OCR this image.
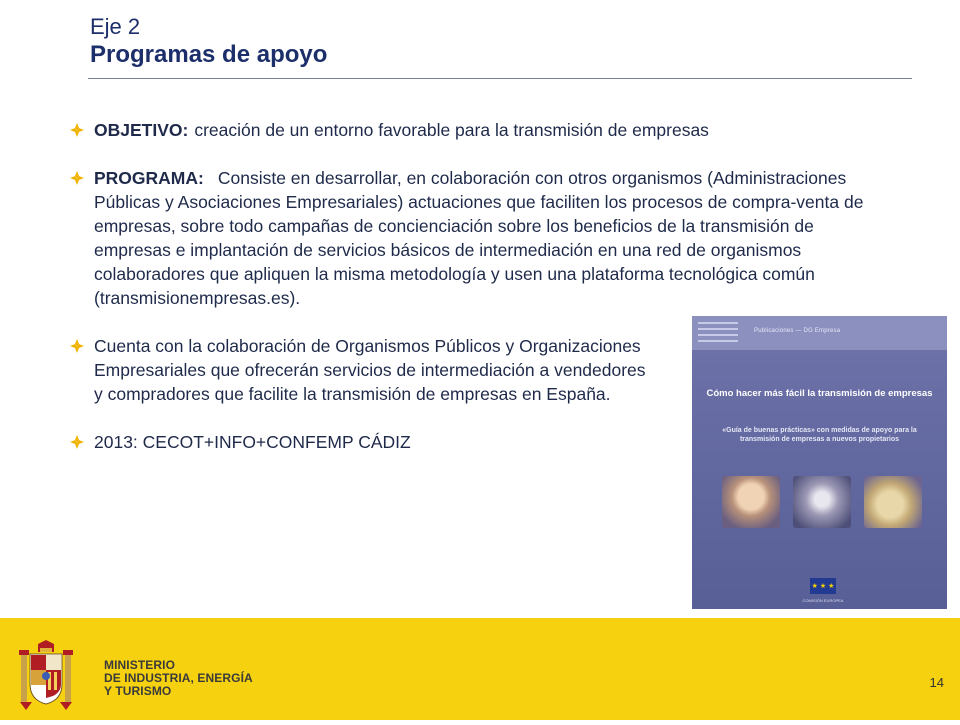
Eje 2
Programas de apoyo
OBJETIVO: creación de un entorno favorable para la transmisión de empresas
PROGRAMA: Consiste en desarrollar, en colaboración con otros organismos (Administraciones Públicas y Asociaciones Empresariales) actuaciones que faciliten los procesos de compra-venta de empresas, sobre todo campañas de concienciación sobre los beneficios de la transmisión de empresas e implantación de servicios básicos de intermediación en una red de organismos colaboradores que apliquen la misma metodología y usen una plataforma tecnológica común (transmisionempresas.es).
Cuenta con la colaboración de Organismos Públicos y Organizaciones Empresariales que ofrecerán servicios de intermediación a vendedores y compradores que facilite la transmisión de empresas en España.
2013: CECOT+INFO+CONFEMP CÁDIZ
Publicaciones — DG Empresa
Cómo hacer más fácil la transmisión de empresas
«Guía de buenas prácticas» con medidas de apoyo para la transmisión de empresas a nuevos propietarios
★ ★ ★
COMISIÓN EUROPEA
MINISTERIO
DE INDUSTRIA, ENERGÍA
Y TURISMO
14
